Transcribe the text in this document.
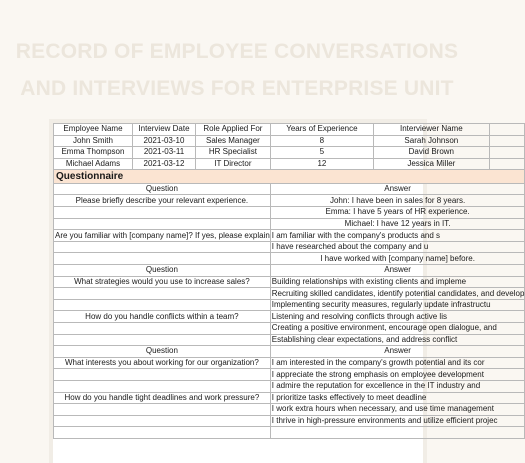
RECORD OF EMPLOYEE CONVERSATIONS
AND INTERVIEWS FOR ENTERPRISE UNIT
Employee Name	Interview Date	Role Applied For	Years of Experience	Interviewer Name	
John Smith	2021-03-10	Sales Manager	8	Sarah Johnson	
Emma Thompson	2021-03-11	HR Specialist	5	David Brown	
Michael Adams	2021-03-12	IT Director	12	Jessica Miller	
Questionnaire					
Question			Answer		
Please briefly describe your relevant experience.			John: I have been in sales for 8 years.		
			Emma: I have 5 years of HR experience.		
			Michael: I have 12 years in IT.		
Are you familiar with [company name]? If yes, please explain			I am familiar with the company's products and s		
			I have researched about the company and u		
			I have worked with [company name] before.		
Question			Answer		
What strategies would you use to increase sales?			Building relationships with existing clients and impleme		
			Recruiting skilled candidates, identify potential candidates, and develop		
			Implementing security measures, regularly update infrastructu		
How do you handle conflicts within a team?			Listening and resolving conflicts through active lis		
			Creating a positive environment, encourage open dialogue, and		
			Establishing clear expectations, and address conflict		
Question			Answer		
What interests you about working for our organization?			I am interested in the company's growth potential and its cor		
			I appreciate the strong emphasis on employee development		
			I admire the reputation for excellence in the IT industry and		
How do you handle tight deadlines and work pressure?			I prioritize tasks effectively to meet deadline		
			I work extra hours when necessary, and use time management		
			I thrive in high-pressure environments and utilize efficient projec		
